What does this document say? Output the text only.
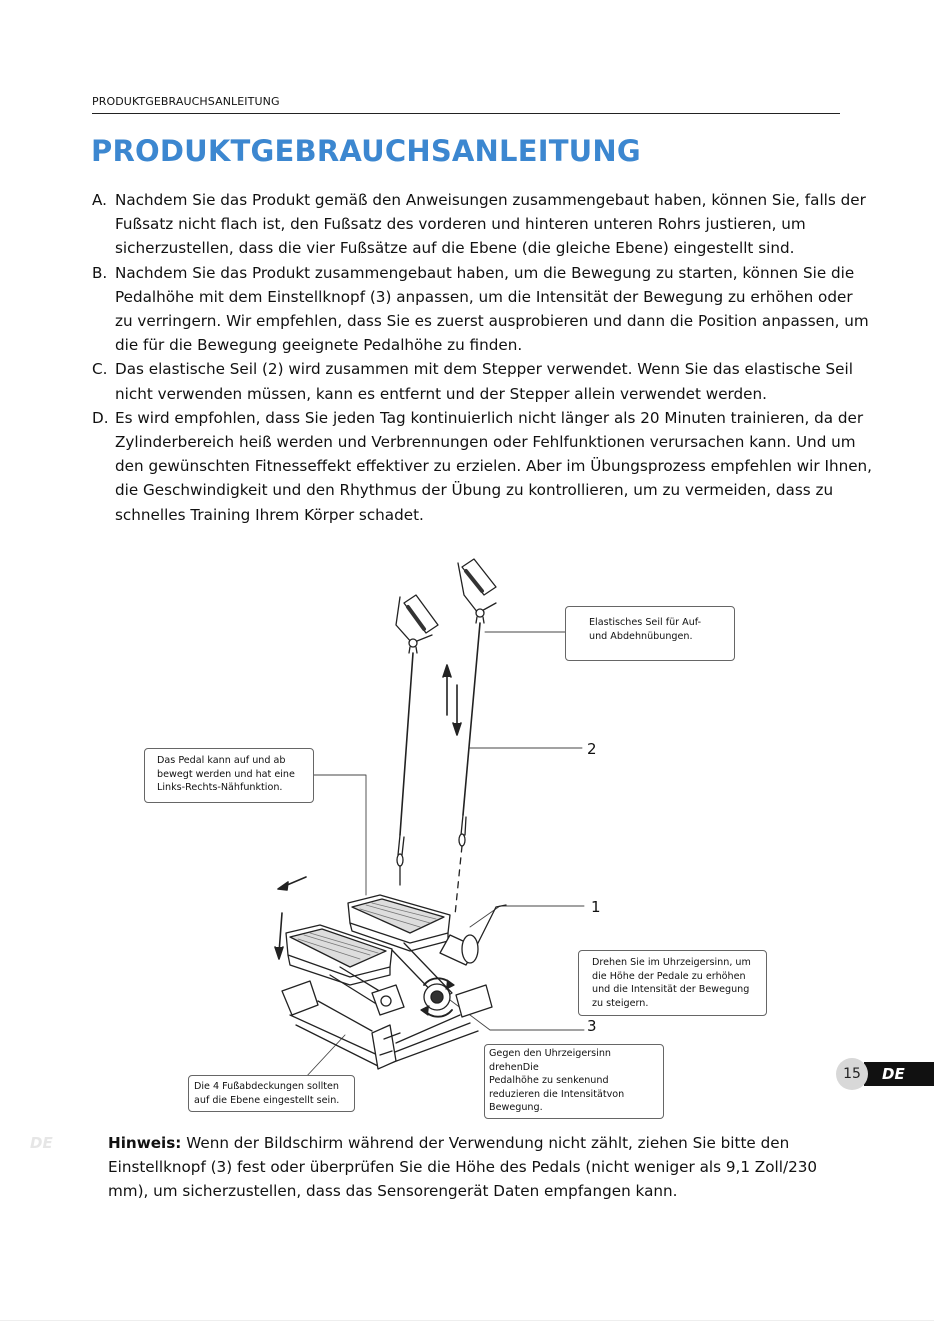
PRODUKTGEBRAUCHSANLEITUNG
PRODUKTGEBRAUCHSANLEITUNG
A. Nachdem Sie das Produkt gemäß den Anweisungen zusammengebaut haben, können Sie, falls der Fußsatz nicht flach ist, den Fußsatz des vorderen und hinteren unteren Rohrs justieren, um sicherzustellen, dass die vier Fußsätze auf die Ebene (die gleiche Ebene) eingestellt sind.
B. Nachdem Sie das Produkt zusammengebaut haben, um die Bewegung zu starten, können Sie die Pedalhöhe mit dem Einstellknopf (3) anpassen, um die Intensität der Bewegung zu erhöhen oder zu verringern. Wir empfehlen, dass Sie es zuerst ausprobieren und dann die Position anpassen, um die für die Bewegung geeignete Pedalhöhe zu finden.
C. Das elastische Seil (2) wird zusammen mit dem Stepper verwendet. Wenn Sie das elastische Seil nicht verwenden müssen, kann es entfernt und der Stepper allein verwendet werden.
D. Es wird empfohlen, dass Sie jeden Tag kontinuierlich nicht länger als 20 Minuten trainieren, da der Zylinderbereich heiß werden und Verbrennungen oder Fehlfunktionen verursachen kann. Und um den gewünschten Fitnesseffekt effektiver zu erzielen. Aber im Übungsprozess empfehlen wir Ihnen, die Geschwindigkeit und den Rhythmus der Übung zu kontrollieren, um zu vermeiden, dass zu schnelles Training Ihrem Körper schadet.
Elastisches Seil für Auf-
und Abdehnübungen.
Das Pedal kann auf und ab
bewegt werden und hat eine
Links-Rechts-Nähfunktion.
Drehen Sie im Uhrzeigersinn, um
die Höhe der Pedale zu erhöhen
und die Intensität der Bewegung
zu steigern.
Gegen den Uhrzeigersinn
drehenDie
Pedalhöhe zu senkenund
reduzieren die Intensitätvon
Bewegung.
Die 4 Fußabdeckungen sollten
auf die Ebene eingestellt sein.
2
1
3
DE
15
DE	Hinweis: Wenn der Bildschirm während der Verwendung nicht zählt, ziehen Sie bitte den Einstellknopf (3) fest oder überprüfen Sie die Höhe des Pedals (nicht weniger als 9,1 Zoll/230 mm), um sicherzustellen, dass das Sensorengerät Daten empfangen kann.
